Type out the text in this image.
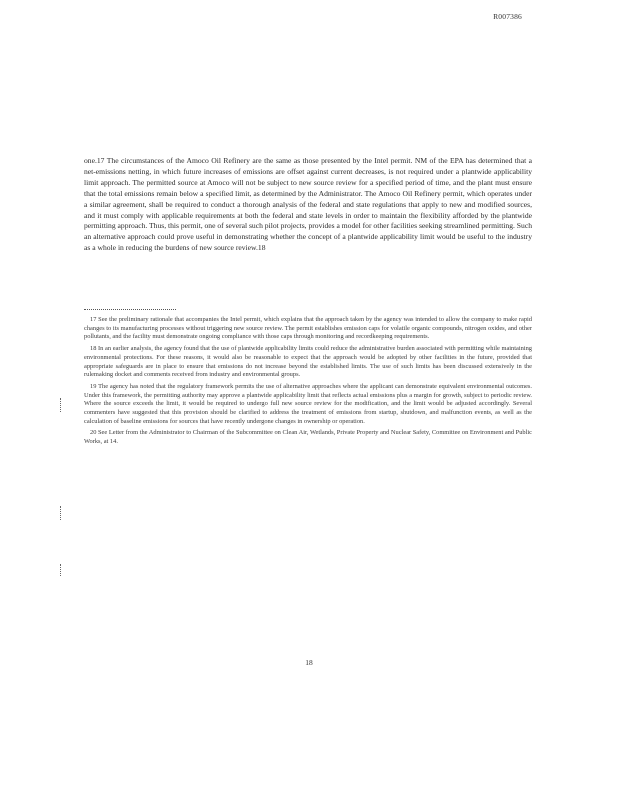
R007386

one.17 The circumstances of the Amoco Oil Refinery are the same as those presented by the Intel permit. NM of the EPA has determined that a net-emissions netting, in which future increases of emissions are offset against current decreases, is not required under a plantwide applicability limit approach. The permitted source at Amoco will not be subject to new source review for a specified period of time, and the plant must ensure that the total emissions remain below a specified limit, as determined by the Administrator. The Amoco Oil Refinery permit, which operates under a similar agreement, shall be required to conduct a thorough analysis of the federal and state regulations that apply to new and modified sources, and it must comply with applicable requirements at both the federal and state levels in order to maintain the flexibility afforded by the plantwide permitting approach. Thus, this permit, one of several such pilot projects, provides a model for other facilities seeking streamlined permitting. Such an alternative approach could prove useful in demonstrating whether the concept of a plantwide applicability limit would be useful to the industry as a whole in reducing the burdens of new source review.18

17 See the preliminary rationale that accompanies the Intel permit, which explains that the approach taken by the agency was intended to allow the company to make rapid changes to its manufacturing processes without triggering new source review. The permit establishes emission caps for volatile organic compounds, nitrogen oxides, and other pollutants, and the facility must demonstrate ongoing compliance with those caps through monitoring and recordkeeping requirements.

18 In an earlier analysis, the agency found that the use of plantwide applicability limits could reduce the administrative burden associated with permitting while maintaining environmental protections. For these reasons, it would also be reasonable to expect that the approach would be adopted by other facilities in the future, provided that appropriate safeguards are in place to ensure that emissions do not increase beyond the established limits. The use of such limits has been discussed extensively in the rulemaking docket and comments received from industry and environmental groups.

19 The agency has noted that the regulatory framework permits the use of alternative approaches where the applicant can demonstrate equivalent environmental outcomes. Under this framework, the permitting authority may approve a plantwide applicability limit that reflects actual emissions plus a margin for growth, subject to periodic review. Where the source exceeds the limit, it would be required to undergo full new source review for the modification, and the limit would be adjusted accordingly. Several commenters have suggested that this provision should be clarified to address the treatment of emissions from startup, shutdown, and malfunction events, as well as the calculation of baseline emissions for sources that have recently undergone changes in ownership or operation.

20 See Letter from the Administrator to Chairman of the Subcommittee on Clean Air, Wetlands, Private Property and Nuclear Safety, Committee on Environment and Public Works, at 14.

18
